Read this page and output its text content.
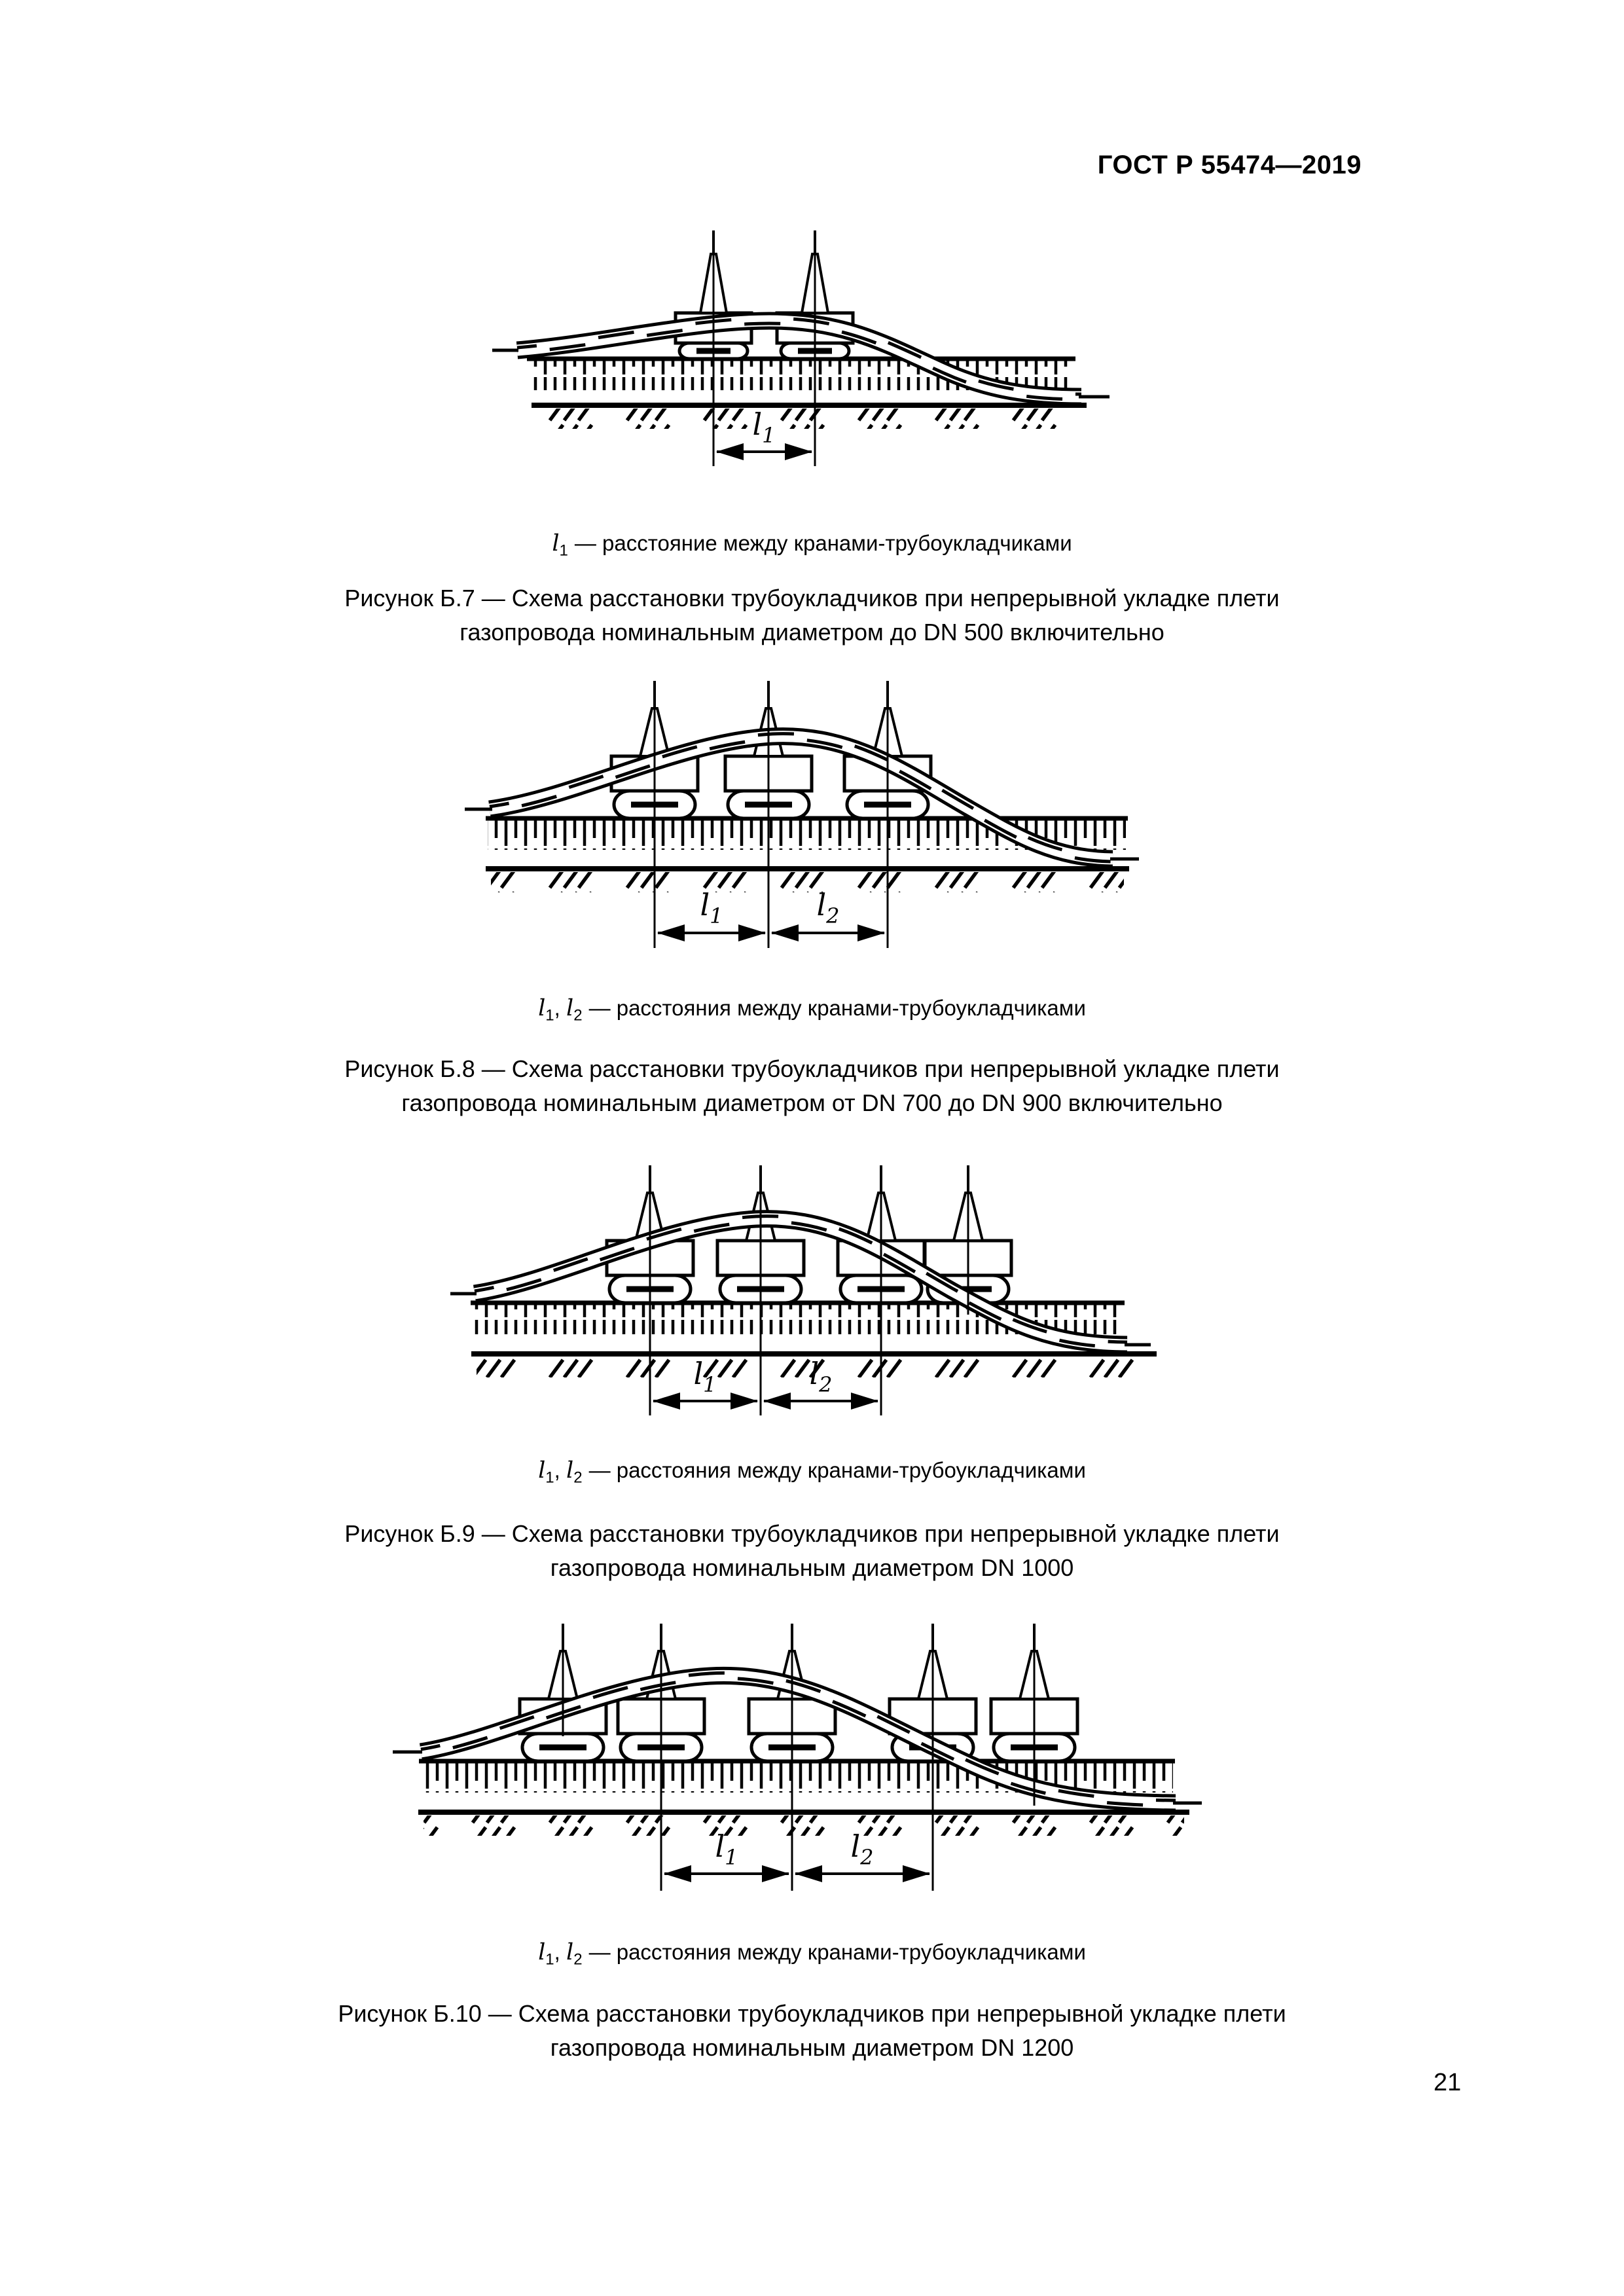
ГОСТ Р 55474—2019
$l_1$
$l_1$	$l_2$
$l_1$	$l_2$
$l_1$	$l_2$
$l_1$ — расстояние между кранами-трубоукладчиками
Рисунок Б.7 — Схема расстановки трубоукладчиков при непрерывной укладке плети
газопровода номинальным диаметром до DN 500 включительно
$l_1$, $l_2$ — расстояния между кранами-трубоукладчиками
Рисунок Б.8 — Схема расстановки трубоукладчиков при непрерывной укладке плети
газопровода номинальным диаметром от DN 700 до DN 900 включительно
$l_1$, $l_2$ — расстояния между кранами-трубоукладчиками
Рисунок Б.9 — Схема расстановки трубоукладчиков при непрерывной укладке плети
газопровода номинальным диаметром DN 1000
$l_1$, $l_2$ — расстояния между кранами-трубоукладчиками
Рисунок Б.10 — Схема расстановки трубоукладчиков при непрерывной укладке плети
газопровода номинальным диаметром DN 1200
21
